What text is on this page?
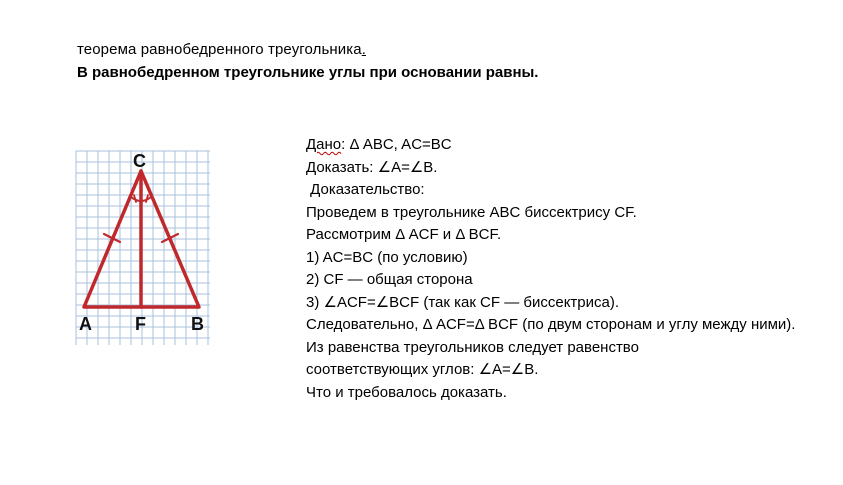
теорема равнобедренного треугольника.
В равнобедренном треугольнике углы при основании равны.
C
A F	B
Дано: Δ ABC, AC=BC
Доказать: ∠A=∠B.
Доказательство:
Проведем в треугольнике ABC биссектрису CF.
Рассмотрим Δ ACF и Δ BCF.
1) AC=BC (по условию)
2) CF — общая сторона
3) ∠ACF=∠BCF (так как CF — биссектриса).
Следовательно, Δ ACF=Δ BCF (по двум сторонам и углу между ними).
Из равенства треугольников следует равенство соответствующих углов: ∠A=∠B.
Что и требовалось доказать.
